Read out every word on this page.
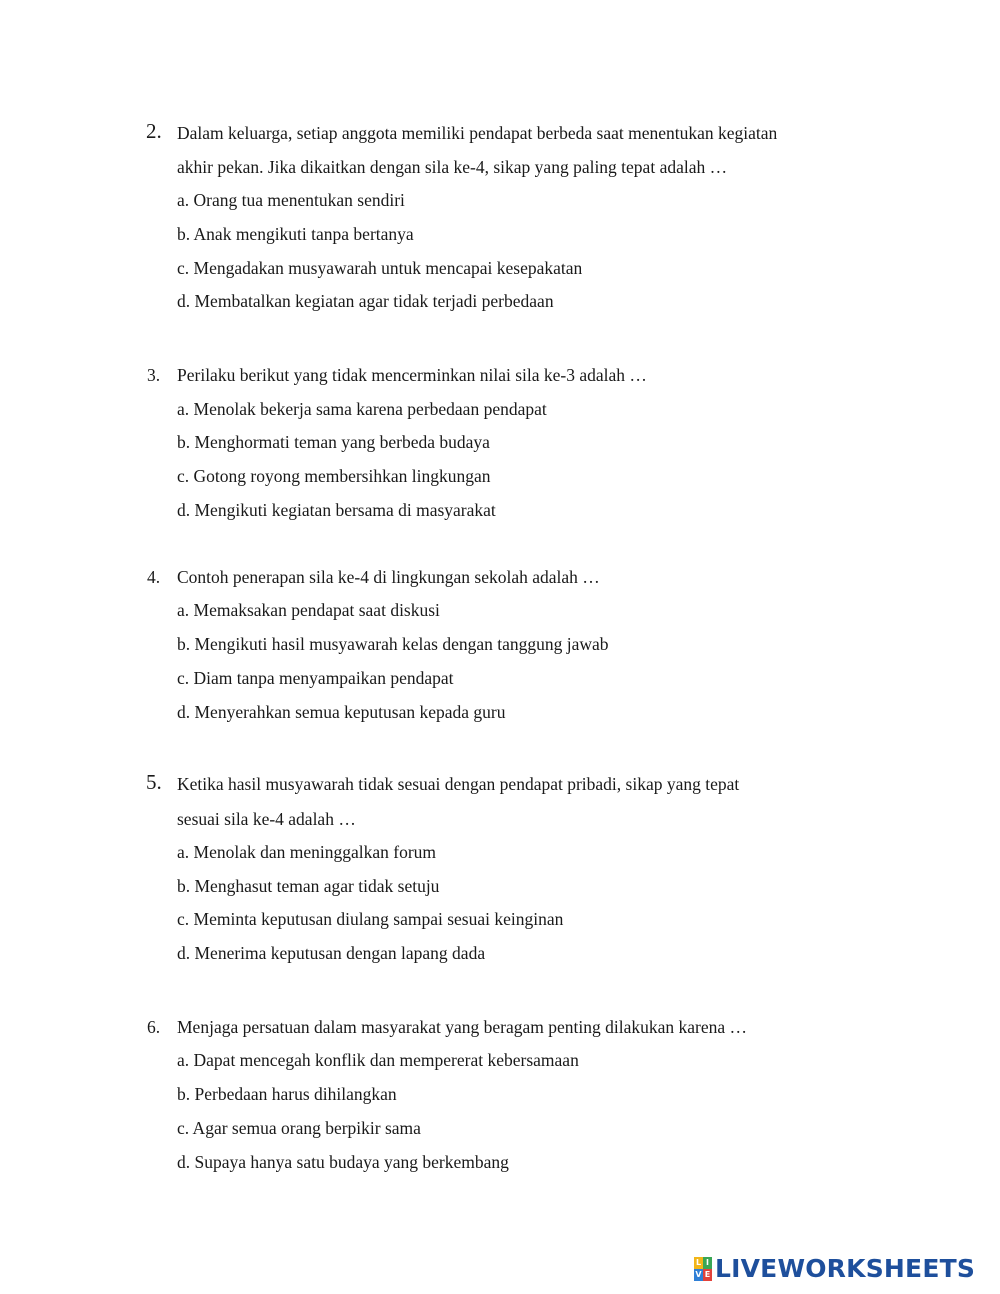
2. Dalam keluarga, setiap anggota memiliki pendapat berbeda saat menentukan kegiatan
akhir pekan. Jika dikaitkan dengan sila ke-4, sikap yang paling tepat adalah …
a. Orang tua menentukan sendiri
b. Anak mengikuti tanpa bertanya
c. Mengadakan musyawarah untuk mencapai kesepakatan
d. Membatalkan kegiatan agar tidak terjadi perbedaan
3. Perilaku berikut yang tidak mencerminkan nilai sila ke-3 adalah …
a. Menolak bekerja sama karena perbedaan pendapat
b. Menghormati teman yang berbeda budaya
c. Gotong royong membersihkan lingkungan
d. Mengikuti kegiatan bersama di masyarakat
4. Contoh penerapan sila ke-4 di lingkungan sekolah adalah …
a. Memaksakan pendapat saat diskusi
b. Mengikuti hasil musyawarah kelas dengan tanggung jawab
c. Diam tanpa menyampaikan pendapat
d. Menyerahkan semua keputusan kepada guru
5. Ketika hasil musyawarah tidak sesuai dengan pendapat pribadi, sikap yang tepat
sesuai sila ke-4 adalah …
a. Menolak dan meninggalkan forum
b. Menghasut teman agar tidak setuju
c. Meminta keputusan diulang sampai sesuai keinginan
d. Menerima keputusan dengan lapang dada
6. Menjaga persatuan dalam masyarakat yang beragam penting dilakukan karena …
a. Dapat mencegah konflik dan mempererat kebersamaan
b. Perbedaan harus dihilangkan
c. Agar semua orang berpikir sama
d. Supaya hanya satu budaya yang berkembang
L I
V E LIVEWORKSHEETS
